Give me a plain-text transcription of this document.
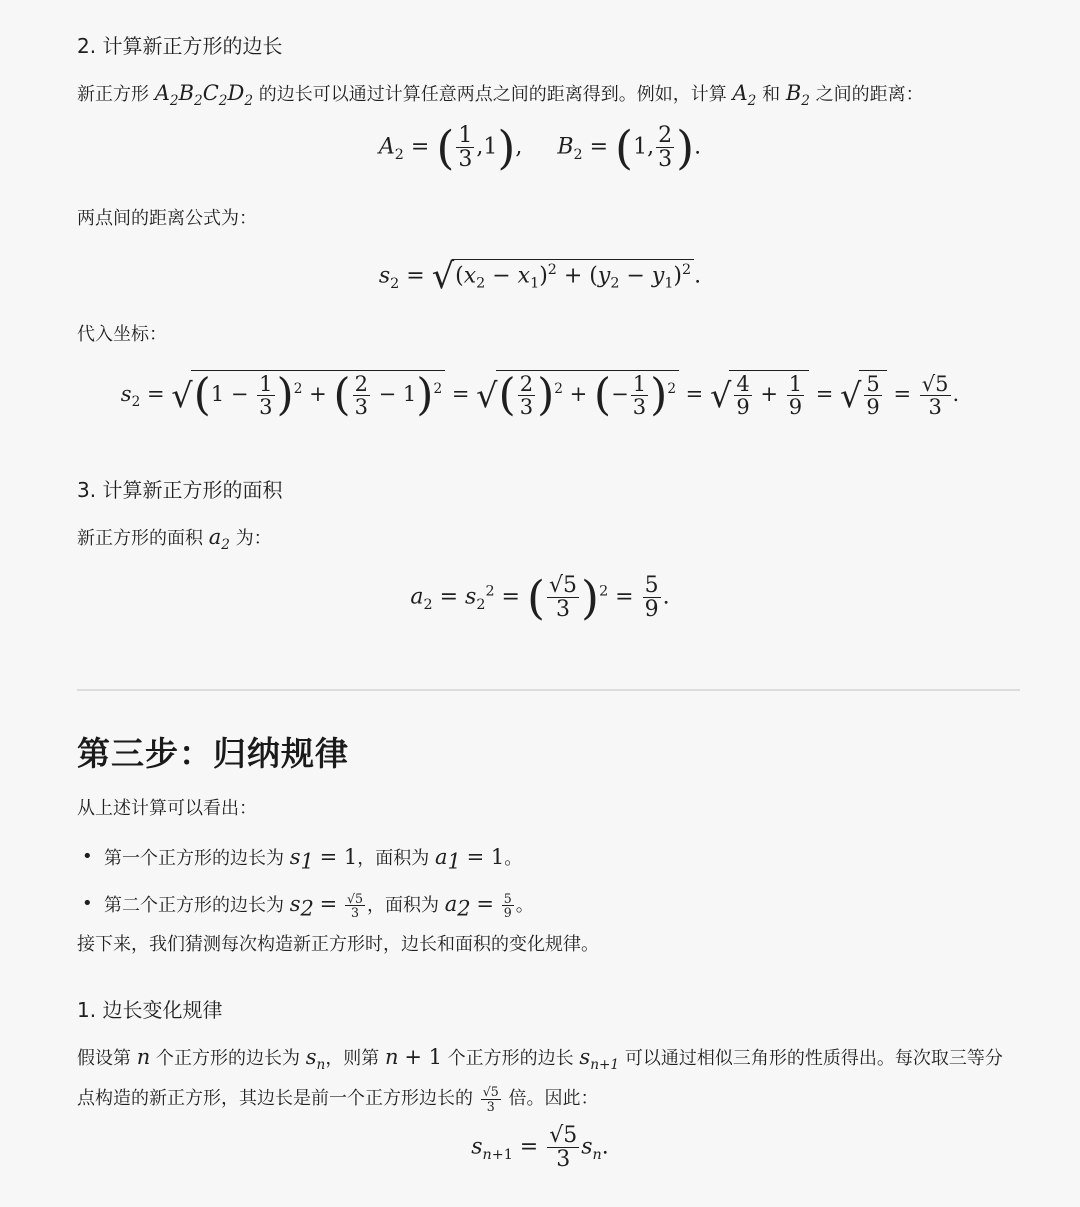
2. 计算新正方形的边长
新正方形 $A_2B_2C_2D_2$ 的边长可以通过计算任意两点之间的距离得到。例如，计算 $A_2$ 和 $B_2$ 之间的距离：
$A_2$ = ( $\frac{1}{3} ,1$),     $B_2 = (1$, $\frac{2}{3}$ ).
两点间的距离公式为：
$s_2 = √(x_2 - x_1)^2 + (y_2 - y_1)^2$ .
代入坐标：
$s_2 = √(1 - \frac{1}{3} )^2$ + ( $\frac{2}{3} - 1)^2$ = √( $\frac{2}{3} )^2$ + (− $\frac{1}{3} )^2$ = √ $\frac{4}{9} + \frac{1}{9}$ = √ $\frac{5}{9} = \frac{√5}{3}$ .
3. 计算新正方形的面积
新正方形的面积 $a_2$ 为：
$a_2 = s_2^2$ = ( $\frac{√5}{3} )^2 = \frac{5}{9}$ .
第三步：归纳规律
从上述计算可以看出：
• 第一个正方形的边长为 $s_1 = 1$，面积为 $a_1 = 1$。
• 第二个正方形的边长为 $s_2 = \frac{√5}{3}$ ，面积为 $a_2 = \frac{5}{9}$ 。
接下来，我们猜测每次构造新正方形时，边长和面积的变化规律。
1. 边长变化规律
假设第 n 个正方形的边长为 $s_n$，则第 n + 1 个正方形的边长 $s_{n+1}$ 可以通过相似三角形的性质得出。每次取三等分点构造的新正方形，其边长是前一个正方形边长的 $\frac{√5}{3}$ 倍。因此：
$s_{n+1} = \frac{√5}{3} s_n$.
